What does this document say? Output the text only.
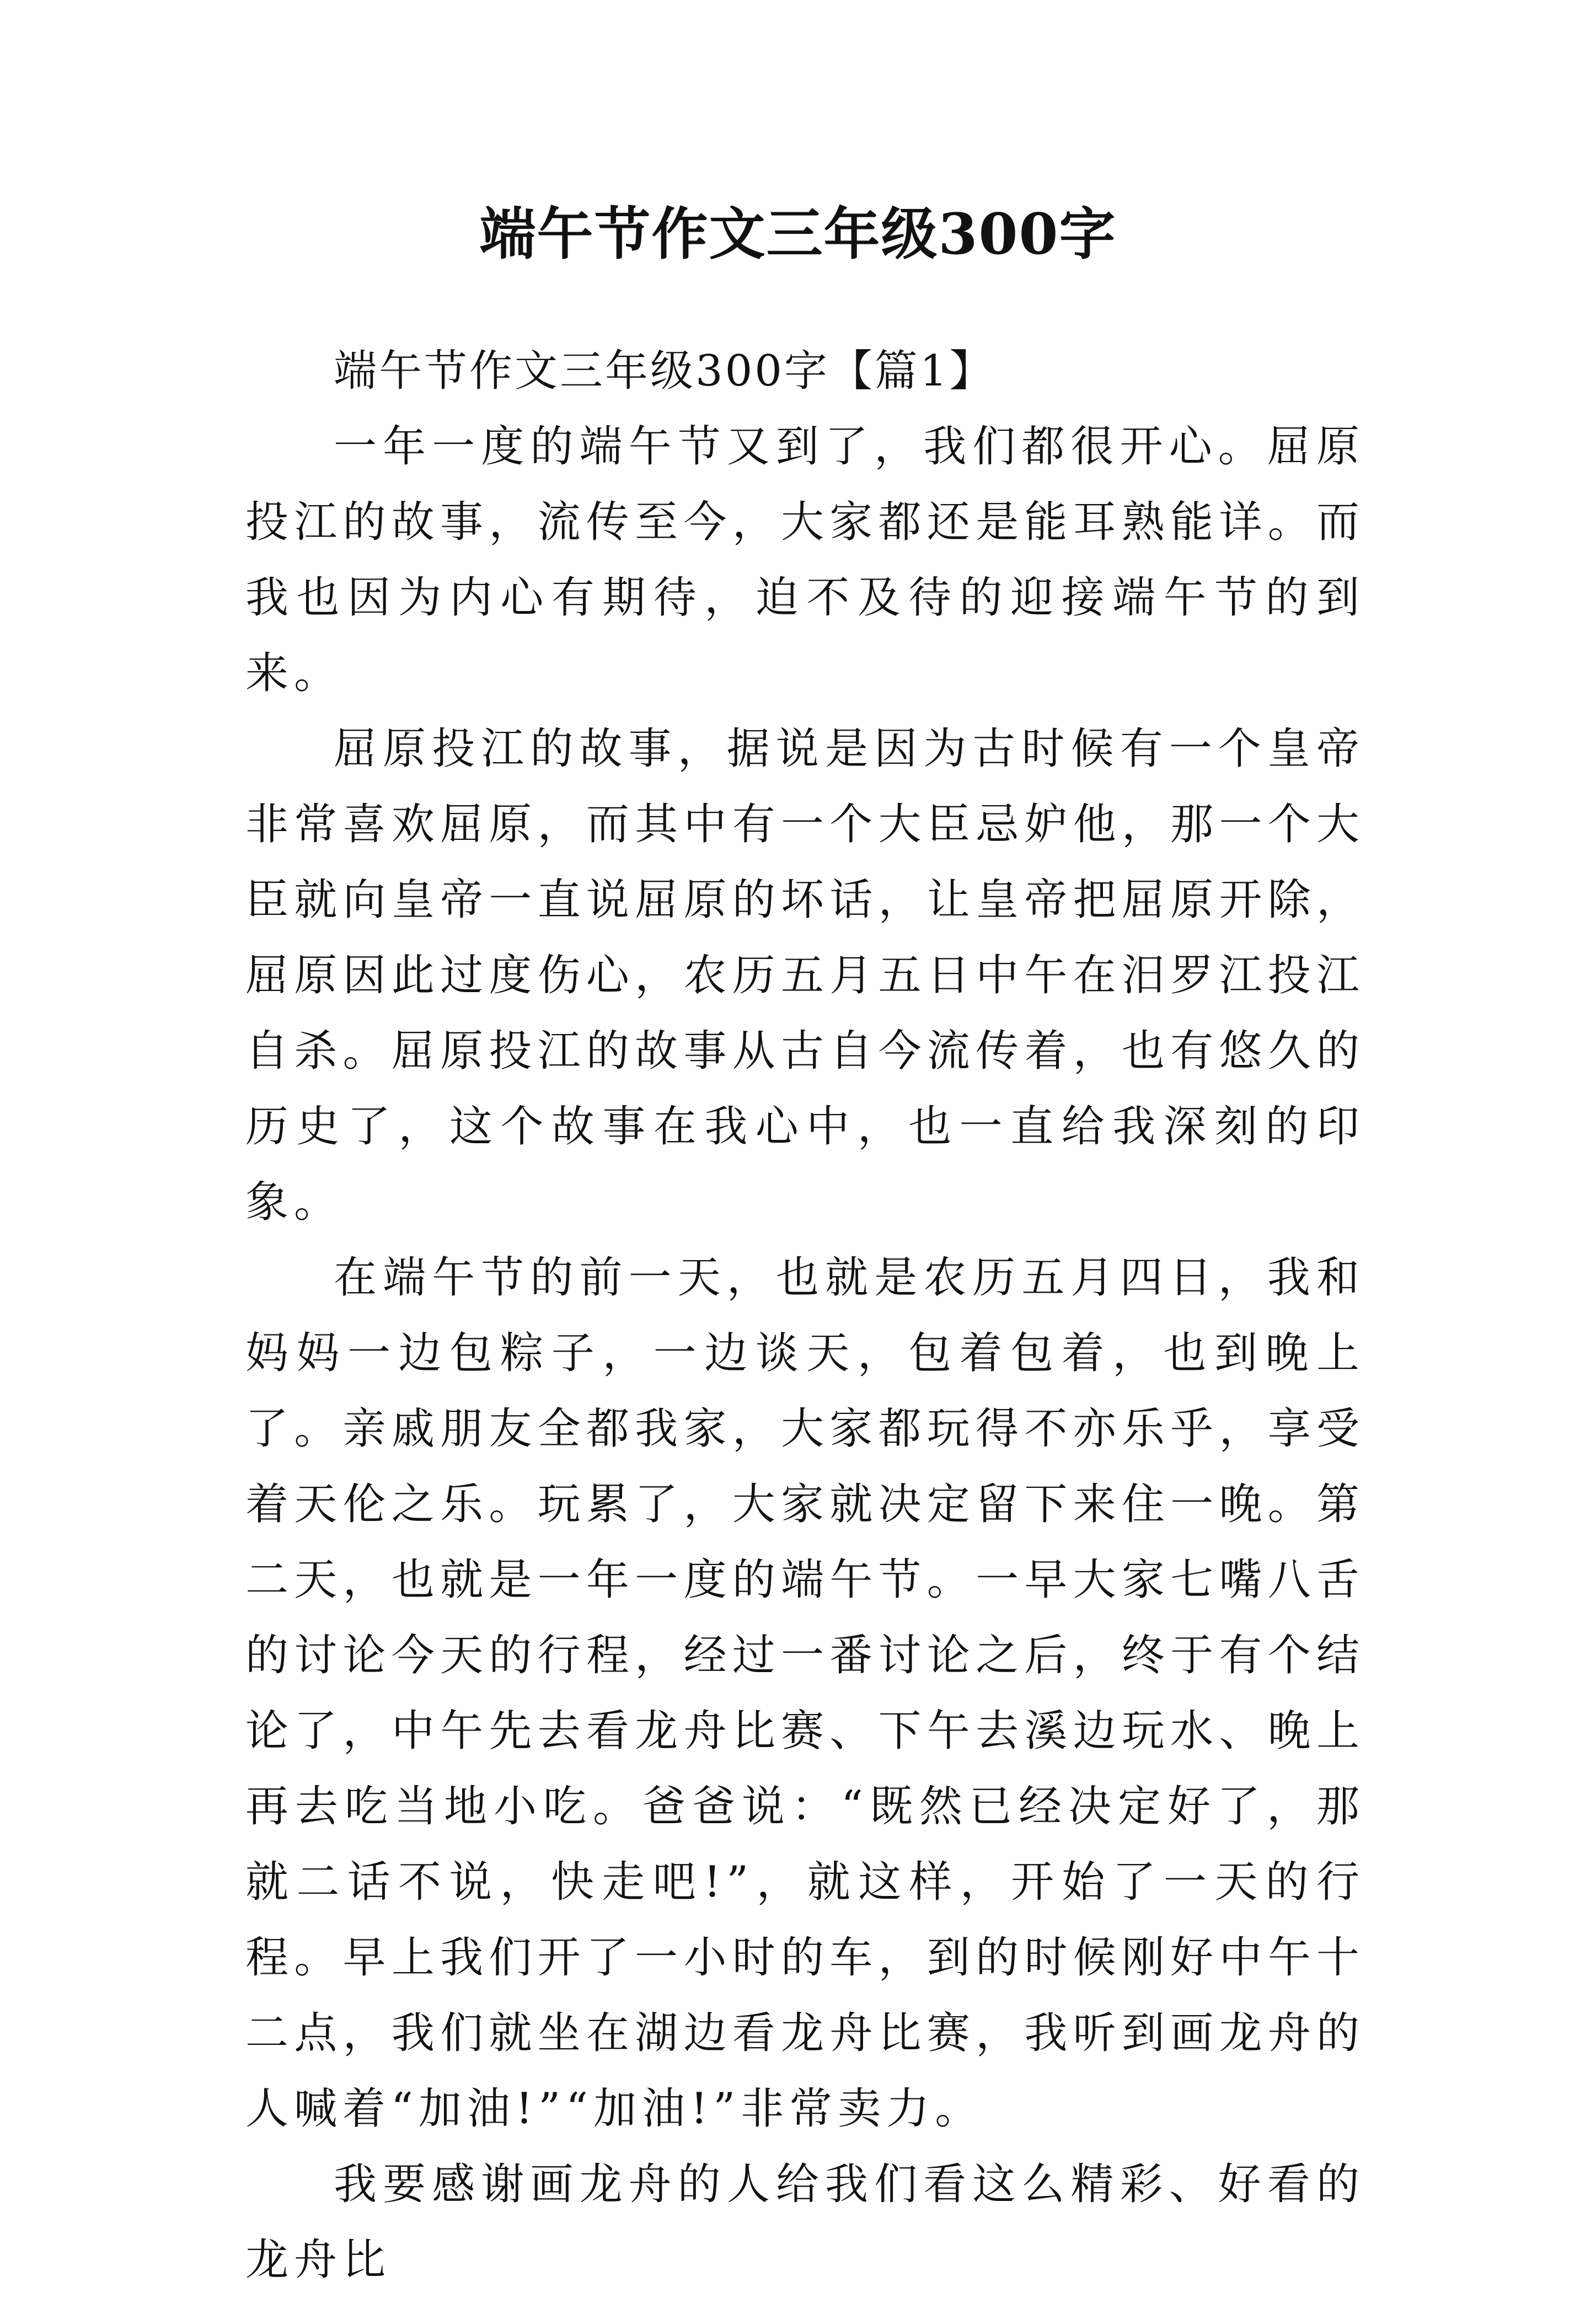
端午节作文三年级300字

端午节作文三年级300字【篇1】

一年一度的端午节又到了，我们都很开心。屈原投江的故事，流传至今，大家都还是能耳熟能详。而我也因为内心有期待，迫不及待的迎接端午节的到来。

屈原投江的故事，据说是因为古时候有一个皇帝非常喜欢屈原，而其中有一个大臣忌妒他，那一个大臣就向皇帝一直说屈原的坏话，让皇帝把屈原开除，屈原因此过度伤心，农历五月五日中午在汨罗江投江自杀。屈原投江的故事从古自今流传着，也有悠久的历史了，这个故事在我心中，也一直给我深刻的印象。

在端午节的前一天，也就是农历五月四日，我和妈妈一边包粽子，一边谈天，包着包着，也到晚上了。亲戚朋友全都我家，大家都玩得不亦乐乎，享受着天伦之乐。玩累了，大家就决定留下来住一晚。第二天，也就是一年一度的端午节。一早大家七嘴八舌的讨论今天的行程，经过一番讨论之后，终于有个结论了，中午先去看龙舟比赛、下午去溪边玩水、晚上再去吃当地小吃。爸爸说：“既然已经决定好了，那就二话不说，快走吧!”，就这样，开始了一天的行程。早上我们开了一小时的车，到的时候刚好中午十二点，我们就坐在湖边看龙舟比赛，我听到画龙舟的人喊着“加油!”“加油!”非常卖力。

我要感谢画龙舟的人给我们看这么精彩、好看的龙舟比
